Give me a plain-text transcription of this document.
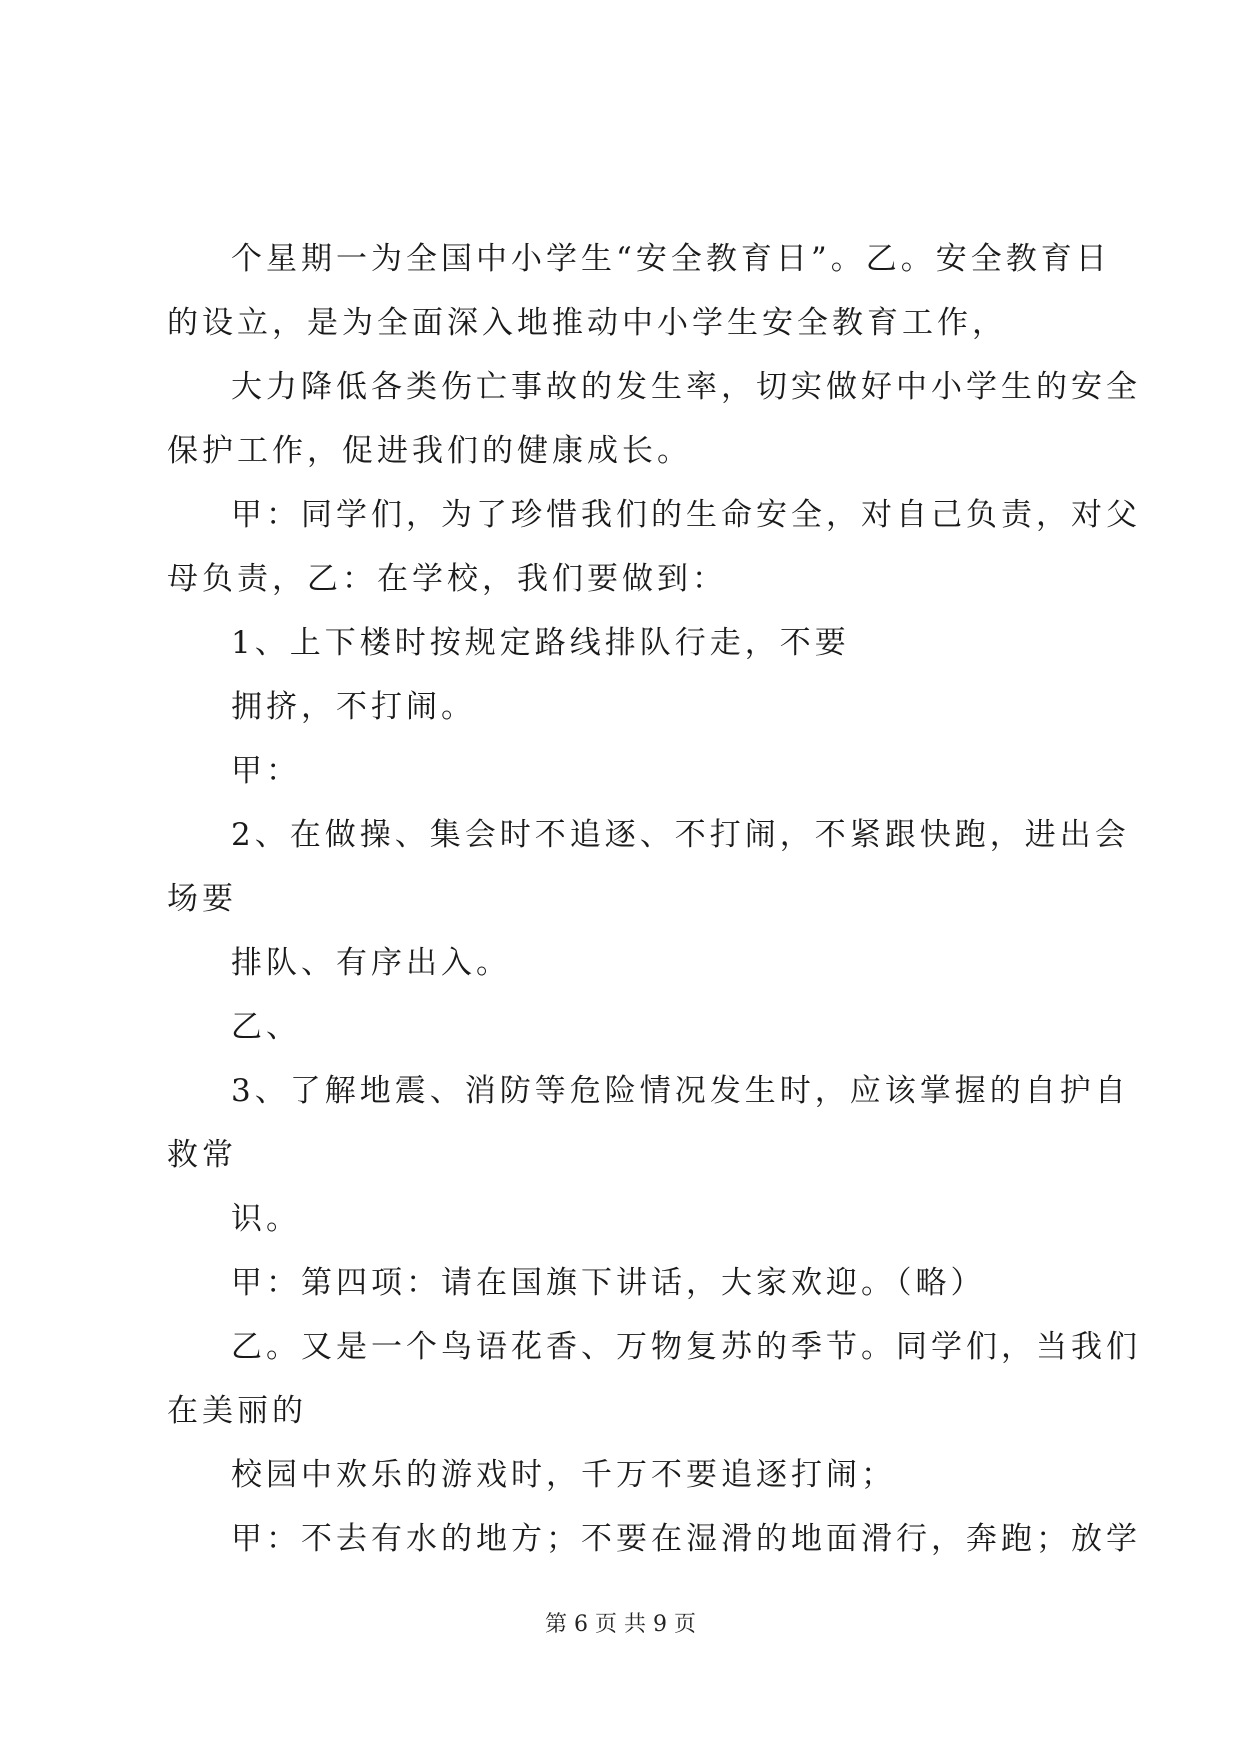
个星期一为全国中小学生“安全教育日”。乙。安全教育日
的设立，是为全面深入地推动中小学生安全教育工作，
大力降低各类伤亡事故的发生率，切实做好中小学生的安全
保护工作，促进我们的健康成长。
甲：同学们，为了珍惜我们的生命安全，对自己负责，对父
母负责，乙：在学校，我们要做到：
1、上下楼时按规定路线排队行走，不要
拥挤，不打闹。
甲：
2、在做操、集会时不追逐、不打闹，不紧跟快跑，进出会
场要
排队、有序出入。
乙、
3、了解地震、消防等危险情况发生时，应该掌握的自护自
救常
识。
甲：第四项：请在国旗下讲话，大家欢迎。（略）
乙。又是一个鸟语花香、万物复苏的季节。同学们，当我们
在美丽的
校园中欢乐的游戏时，千万不要追逐打闹；
甲：不去有水的地方；不要在湿滑的地面滑行，奔跑；放学
第 6 页 共 9 页
